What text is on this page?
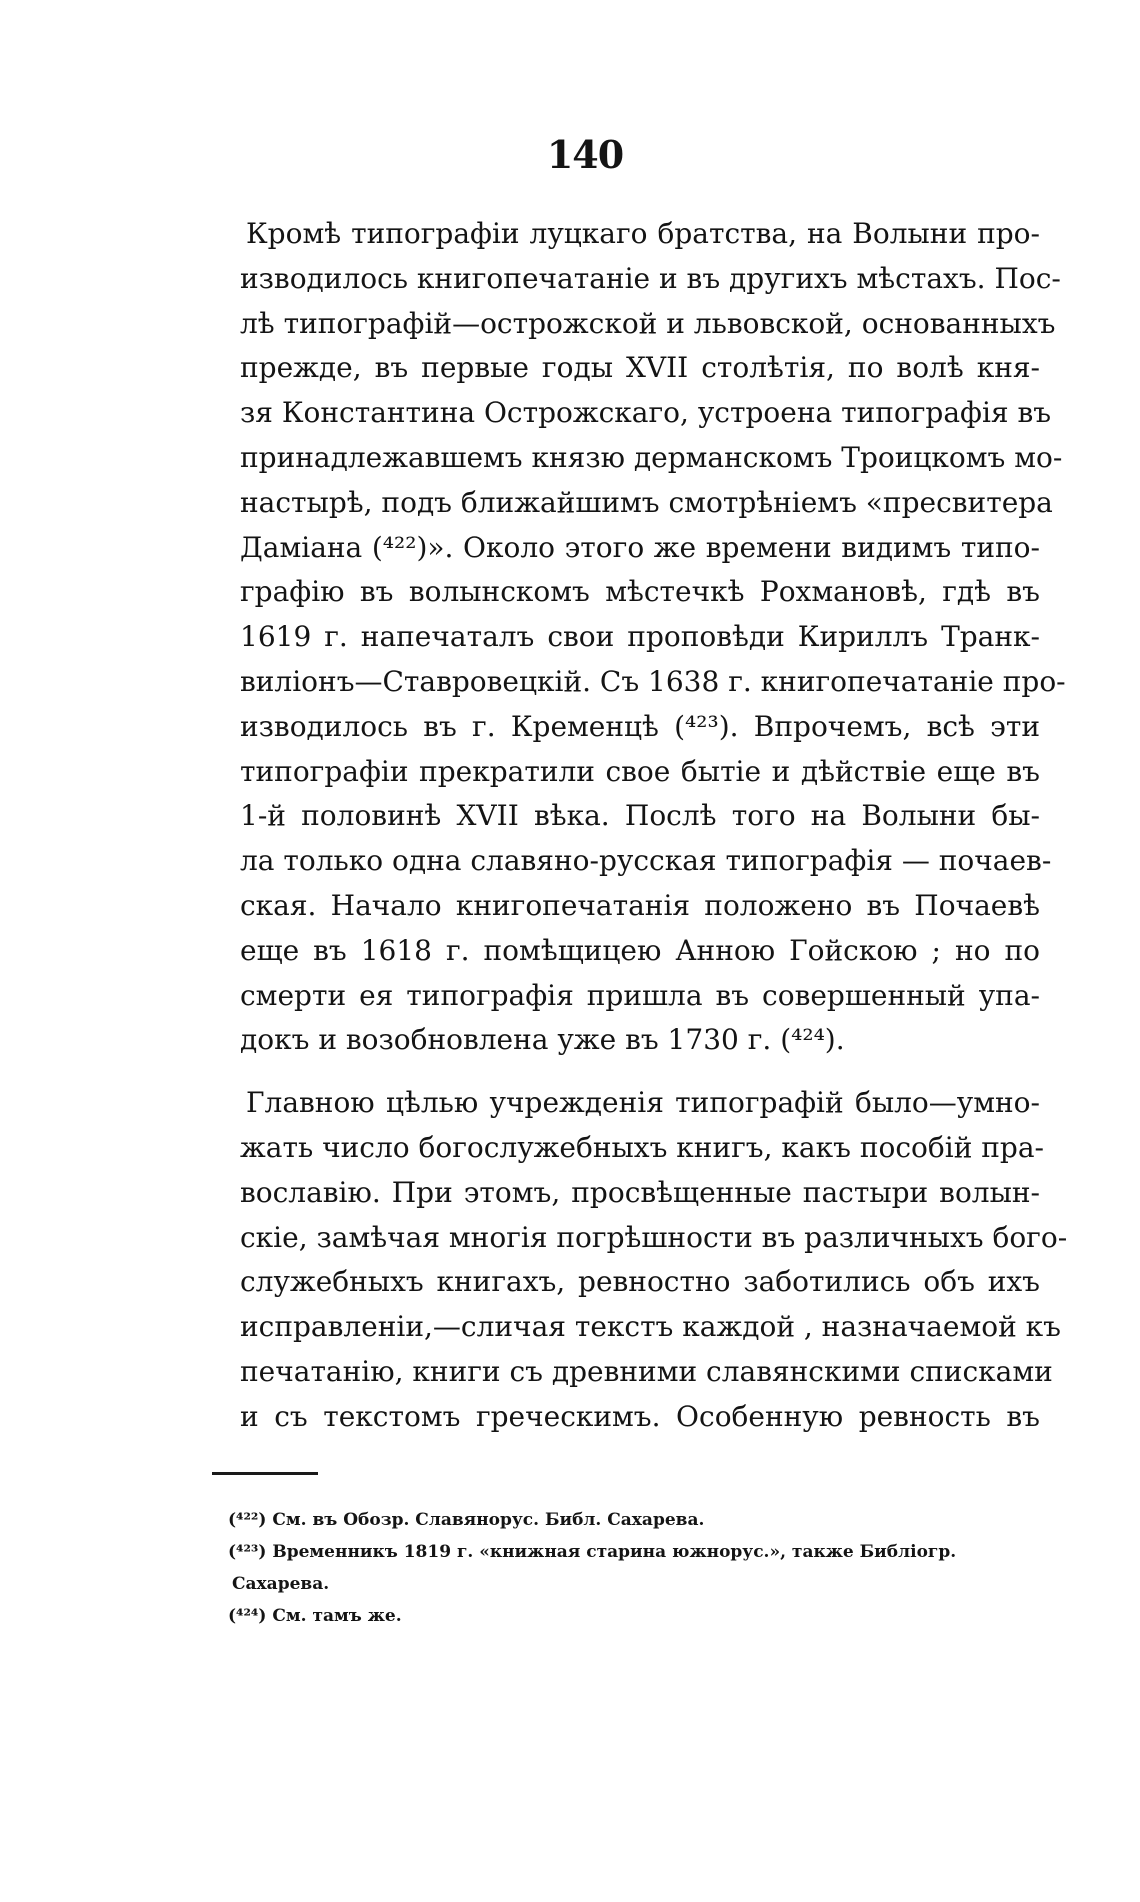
140
Кромѣ типографіи луцкаго братства, на Волыни про-
изводилось книгопечатаніе и въ другихъ мѣстахъ. Пос-
лѣ типографій—острожской и львовской, основанныхъ
прежде, въ первые годы XVII столѣтія, по волѣ кня-
зя Константина Острожскаго, устроена типографія въ
принадлежавшемъ князю дерманскомъ Троицкомъ мо-
настырѣ, подъ ближайшимъ смотрѣніемъ «пресвитера
Даміана (⁴²²)». Около этого же времени видимъ типо-
графію въ волынскомъ мѣстечкѣ Рохмановѣ, гдѣ въ
1619 г. напечаталъ свои проповѣди Кириллъ Транк-
виліонъ—Ставровецкій. Съ 1638 г. книгопечатаніе про-
изводилось въ г. Кременцѣ (⁴²³). Впрочемъ, всѣ эти
типографіи прекратили свое бытіе и дѣйствіе еще въ
1-й половинѣ XVII вѣка. Послѣ того на Волыни бы-
ла только одна славяно-русская типографія — почаев-
ская. Начало книгопечатанія положено въ Почаевѣ
еще въ 1618 г. помѣщицею Анною Гойскою ; но по
смерти ея типографія пришла въ совершенный упа-
докъ и возобновлена уже въ 1730 г. (⁴²⁴).
Главною цѣлью учрежденія типографій было—умно-
жать число богослужебныхъ книгъ, какъ пособій пра-
вославію. При этомъ, просвѣщенные пастыри волын-
скіе, замѣчая многія погрѣшности въ различныхъ бого-
служебныхъ книгахъ, ревностно заботились объ ихъ
исправленіи,—сличая текстъ каждой , назначаемой къ
печатанію, книги съ древними славянскими списками
и съ текстомъ греческимъ. Особенную ревность въ
(⁴²²) См. въ Обозр. Славянорус. Библ. Сахарева.
(⁴²³) Временникъ 1819 г. «книжная старина южнорус.», также Библіогр.
Сахарева.
(⁴²⁴) См. тамъ же.
